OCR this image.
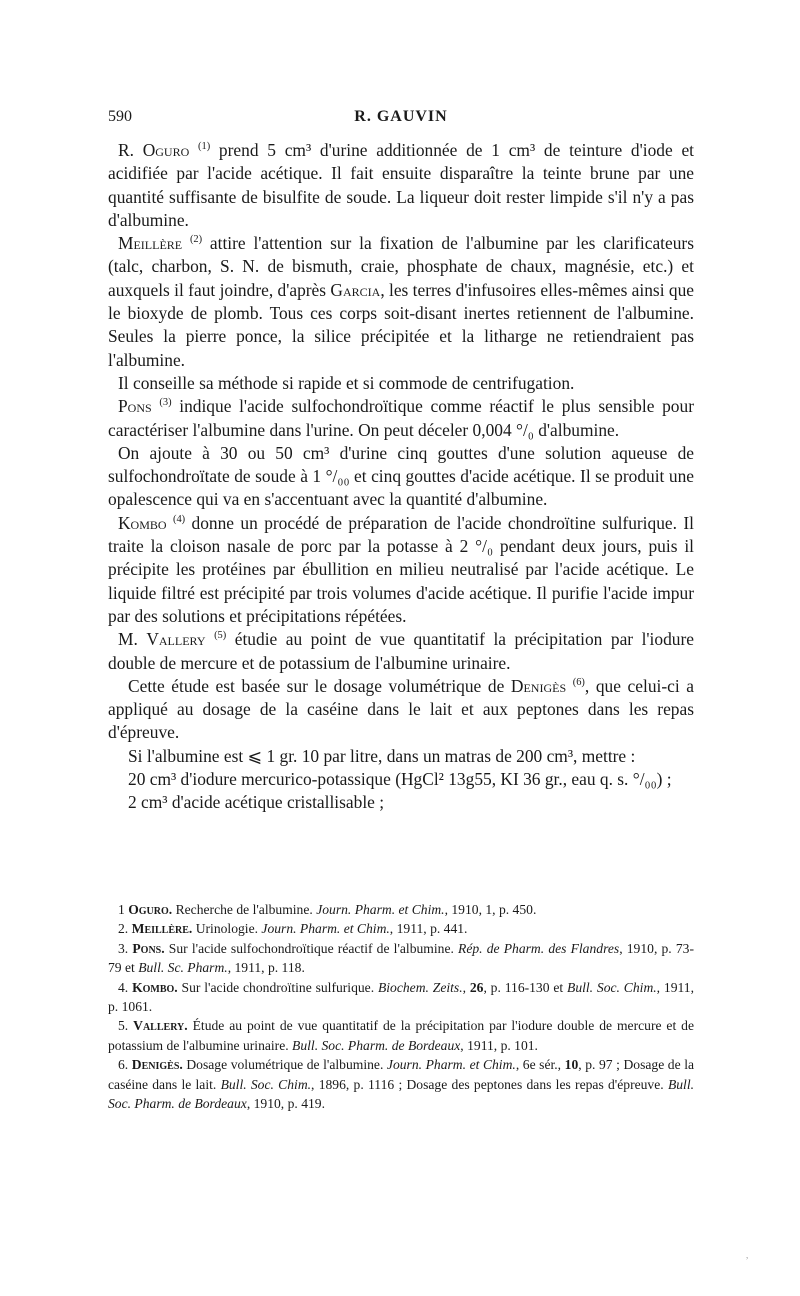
590	R. GAUVIN

R. Oguro $^{(1)}$ prend 5 cm³ d'urine additionnée de 1 cm³ de teinture d'iode et acidifiée par l'acide acétique. Il fait ensuite disparaître la teinte brune par une quantité suffisante de bisulfite de soude. La liqueur doit rester limpide s'il n'y a pas d'albumine.

Meillère $^{(2)}$ attire l'attention sur la fixation de l'albumine par les clarificateurs (talc, charbon, S. N. de bismuth, craie, phosphate de chaux, magnésie, etc.) et auxquels il faut joindre, d'après Garcia, les terres d'infusoires elles-mêmes ainsi que le bioxyde de plomb. Tous ces corps soit-disant inertes retiennent de l'albumine. Seules la pierre ponce, la silice précipitée et la litharge ne retiendraient pas l'albumine.

Il conseille sa méthode si rapide et si commode de centrifugation.

Pons $^{(3)}$ indique l'acide sulfochondroïtique comme réactif le plus sensible pour caractériser l'albumine dans l'urine. On peut déceler 0,004 °/₀ d'albumine.

On ajoute à 30 ou 50 cm³ d'urine cinq gouttes d'une solution aqueuse de sulfochondroïtate de soude à 1 °/₀₀ et cinq gouttes d'acide acétique. Il se produit une opalescence qui va en s'accentuant avec la quantité d'albumine.

Kombo $^{(4)}$ donne un procédé de préparation de l'acide chondroïtine sulfurique. Il traite la cloison nasale de porc par la potasse à 2 °/₀ pendant deux jours, puis il précipite les protéines par ébullition en milieu neutralisé par l'acide acétique. Le liquide filtré est précipité par trois volumes d'acide acétique. Il purifie l'acide impur par des solutions et précipitations répétées.

M. Vallery $^{(5)}$ étudie au point de vue quantitatif la précipitation par l'iodure double de mercure et de potassium de l'albumine urinaire.

Cette étude est basée sur le dosage volumétrique de Denigès $^{(6)}$, que celui-ci a appliqué au dosage de la caséine dans le lait et aux peptones dans les repas d'épreuve.

Si l'albumine est ⩽ 1 gr. 10 par litre, dans un matras de 200 cm³, mettre :

20 cm³ d'iodure mercurico-potassique (HgCl² 13g55, KI 36 gr., eau q. s. °/₀₀) ;

2 cm³ d'acide acétique cristallisable ;

1 Oguro. Recherche de l'albumine. Journ. Pharm. et Chim., 1910, 1, p. 450.

2. Meillère. Urinologie. Journ. Pharm. et Chim., 1911, p. 441.

3. Pons. Sur l'acide sulfochondroïtique réactif de l'albumine. Rép. de Pharm. des Flandres, 1910, p. 73-79 et Bull. Sc. Pharm., 1911, p. 118.

4. Kombo. Sur l'acide chondroïtine sulfurique. Biochem. Zeits., 26, p. 116-130 et Bull. Soc. Chim., 1911, p. 1061.

5. Vallery. Étude au point de vue quantitatif de la précipitation par l'iodure double de mercure et de potassium de l'albumine urinaire. Bull. Soc. Pharm. de Bordeaux, 1911, p. 101.

6. Denigès. Dosage volumétrique de l'albumine. Journ. Pharm. et Chim., 6e sér., 10, p. 97 ; Dosage de la caséine dans le lait. Bull. Soc. Chim., 1896, p. 1116 ; Dosage des peptones dans les repas d'épreuve. Bull. Soc. Pharm. de Bordeaux, 1910, p. 419.

,
